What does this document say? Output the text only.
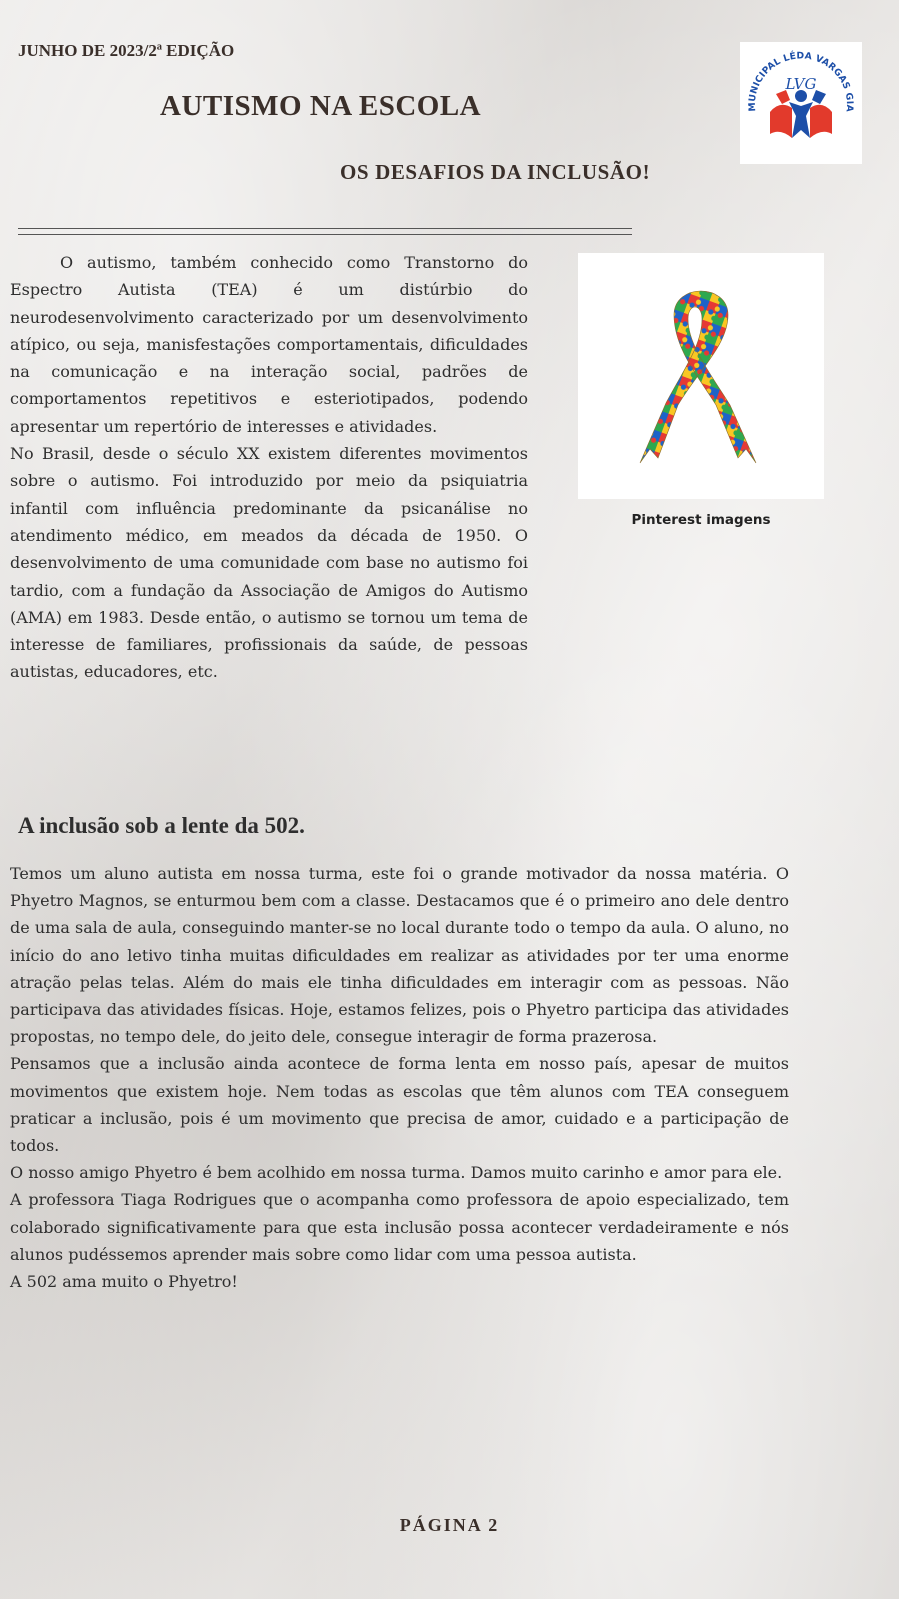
JUNHO DE 2023/2ª EDIÇÃO
AUTISMO NA ESCOLA
OS DESAFIOS DA INCLUSÃO!
MUNICIPAL LÉDA VARGAS GIA
LVG
Pinterest imagens

O autismo, também conhecido como Transtorno do Espectro Autista (TEA) é um distúrbio do neurodesenvolvimento caracterizado por um desenvolvimento atípico, ou seja, manisfestações comportamentais, dificuldades na comunicação e na interação social, padrões de comportamentos repetitivos e esteriotipados, podendo apresentar um repertório de interesses e atividades.

No Brasil, desde o século XX existem diferentes movimentos sobre o autismo. Foi introduzido por meio da psiquiatria infantil com influência predominante da psicanálise no atendimento médico, em meados da década de 1950. O desenvolvimento de uma comunidade com base no autismo foi tardio, com a fundação da Associação de Amigos do Autismo (AMA) em 1983. Desde então, o autismo se tornou um tema de interesse de familiares, profissionais da saúde, de pessoas autistas, educadores, etc.

A inclusão sob a lente da 502.

Temos um aluno autista em nossa turma, este foi o grande motivador da nossa matéria. O Phyetro Magnos, se enturmou bem com a classe. Destacamos que é o primeiro ano dele dentro de uma sala de aula, conseguindo manter-se no local durante todo o tempo da aula. O aluno, no início do ano letivo tinha muitas dificuldades em realizar as atividades por ter uma enorme atração pelas telas. Além do mais ele tinha dificuldades em interagir com as pessoas. Não participava das atividades físicas. Hoje, estamos felizes, pois o Phyetro participa das atividades propostas, no tempo dele, do jeito dele, consegue interagir de forma prazerosa.

Pensamos que a inclusão ainda acontece de forma lenta em nosso país, apesar de muitos movimentos que existem hoje. Nem todas as escolas que têm alunos com TEA conseguem praticar a inclusão, pois é um movimento que precisa de amor, cuidado e a participação de todos.

O nosso amigo Phyetro é bem acolhido em nossa turma. Damos muito carinho e amor para ele.

A professora Tiaga Rodrigues que o acompanha como professora de apoio especializado, tem colaborado significativamente para que esta inclusão possa acontecer verdadeiramente e nós alunos pudéssemos aprender mais sobre como lidar com uma pessoa autista.

A 502 ama muito o Phyetro!

PÁGINA 2
